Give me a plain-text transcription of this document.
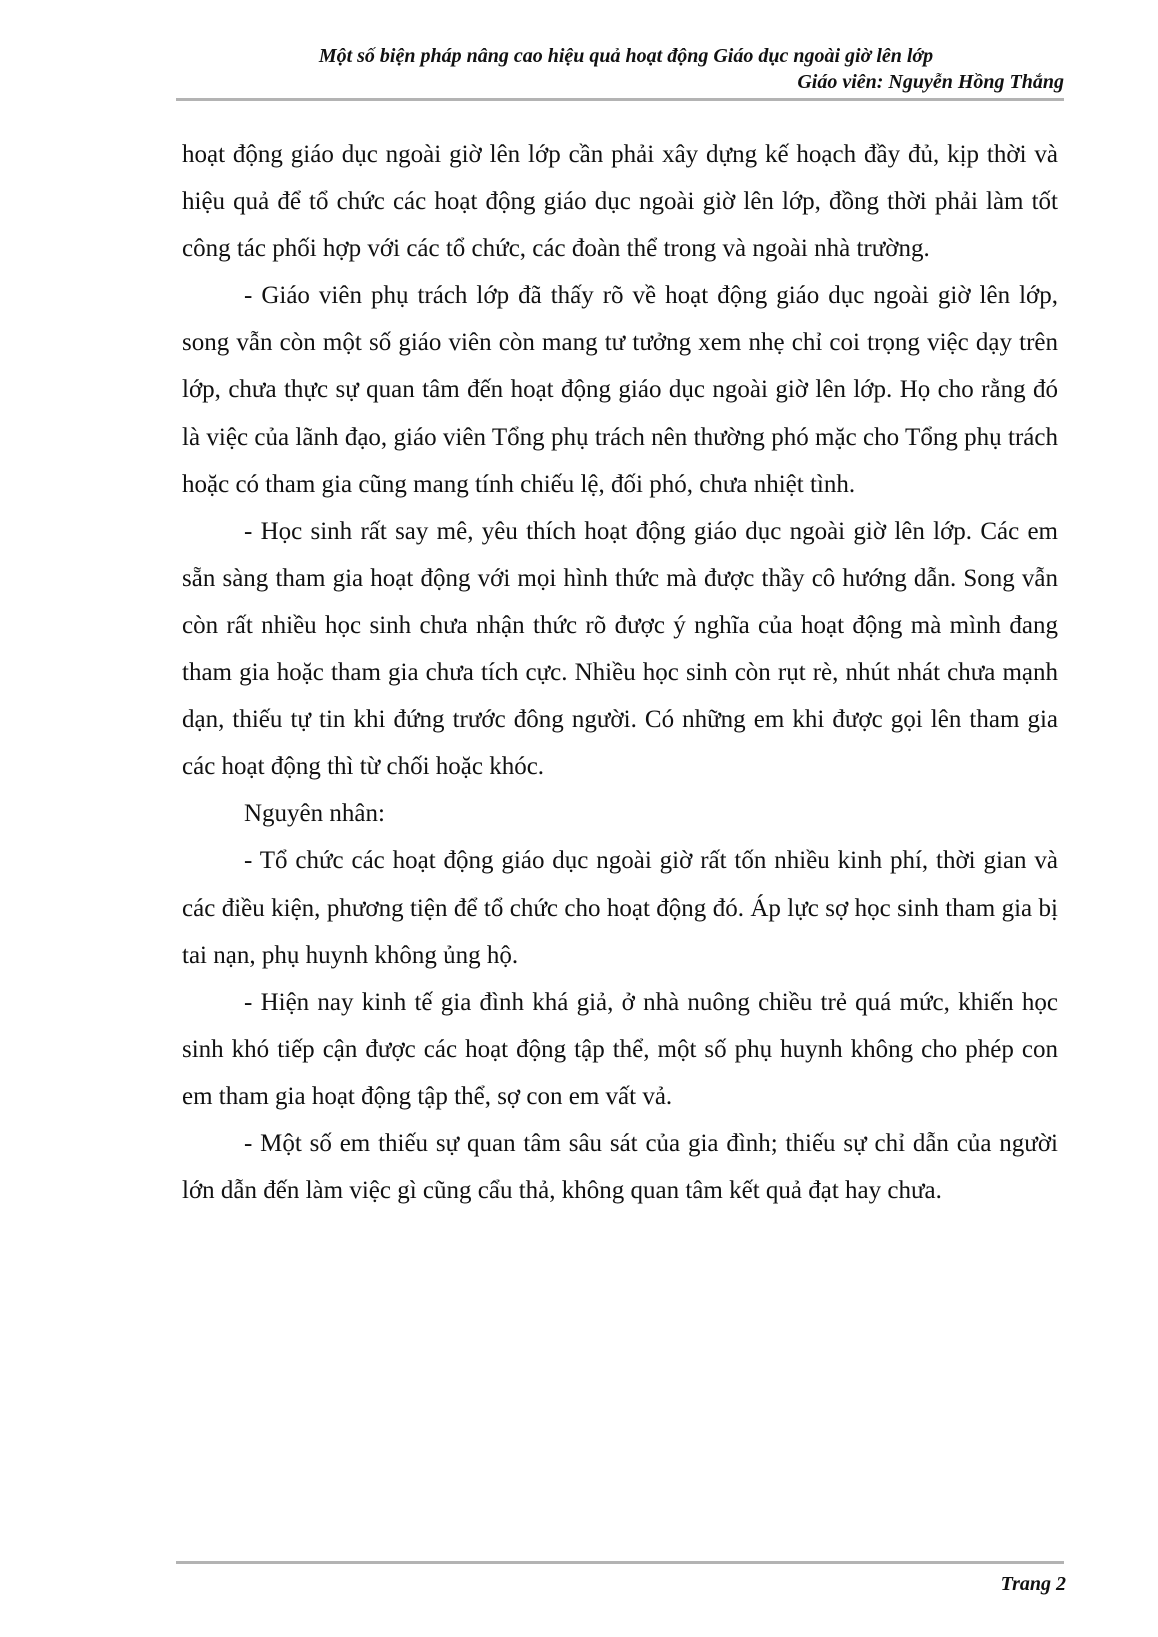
Một số biện pháp nâng cao hiệu quả hoạt động Giáo dục ngoài giờ lên lớp
Giáo viên: Nguyễn Hồng Thắng

hoạt động giáo dục ngoài giờ lên lớp cần phải xây dựng kế hoạch đầy đủ, kịp thời và hiệu quả để tổ chức các hoạt động giáo dục ngoài giờ lên lớp, đồng thời phải làm tốt công tác phối hợp với các tổ chức, các đoàn thể trong và ngoài nhà trường.

- Giáo viên phụ trách lớp đã thấy rõ về hoạt động giáo dục ngoài giờ lên lớp, song vẫn còn một số giáo viên còn mang tư tưởng xem nhẹ chỉ coi trọng việc dạy trên lớp, chưa thực sự quan tâm đến hoạt động giáo dục ngoài giờ lên lớp. Họ cho rằng đó là việc của lãnh đạo, giáo viên Tổng phụ trách nên thường phó mặc cho Tổng phụ trách hoặc có tham gia cũng mang tính chiếu lệ, đối phó, chưa nhiệt tình.

- Học sinh rất say mê, yêu thích hoạt động giáo dục ngoài giờ lên lớp. Các em sẵn sàng tham gia hoạt động với mọi hình thức mà được thầy cô hướng dẫn. Song vẫn còn rất nhiều học sinh chưa nhận thức rõ được ý nghĩa của hoạt động mà mình đang tham gia hoặc tham gia chưa tích cực. Nhiều học sinh còn rụt rè, nhút nhát chưa mạnh dạn, thiếu tự tin khi đứng trước đông người. Có những em khi được gọi lên tham gia các hoạt động thì từ chối hoặc khóc.

Nguyên nhân:

- Tổ chức các hoạt động giáo dục ngoài giờ rất tốn nhiều kinh phí, thời gian và các điều kiện, phương tiện để tổ chức cho hoạt động đó. Áp lực sợ học sinh tham gia bị tai nạn, phụ huynh không ủng hộ.

- Hiện nay kinh tế gia đình khá giả, ở nhà nuông chiều trẻ quá mức, khiến học sinh khó tiếp cận được các hoạt động tập thể, một số phụ huynh không cho phép con em tham gia hoạt động tập thể, sợ con em vất vả.

- Một số em thiếu sự quan tâm sâu sát của gia đình; thiếu sự chỉ dẫn của người lớn dẫn đến làm việc gì cũng cẩu thả, không quan tâm kết quả đạt hay chưa.

Trang 2
